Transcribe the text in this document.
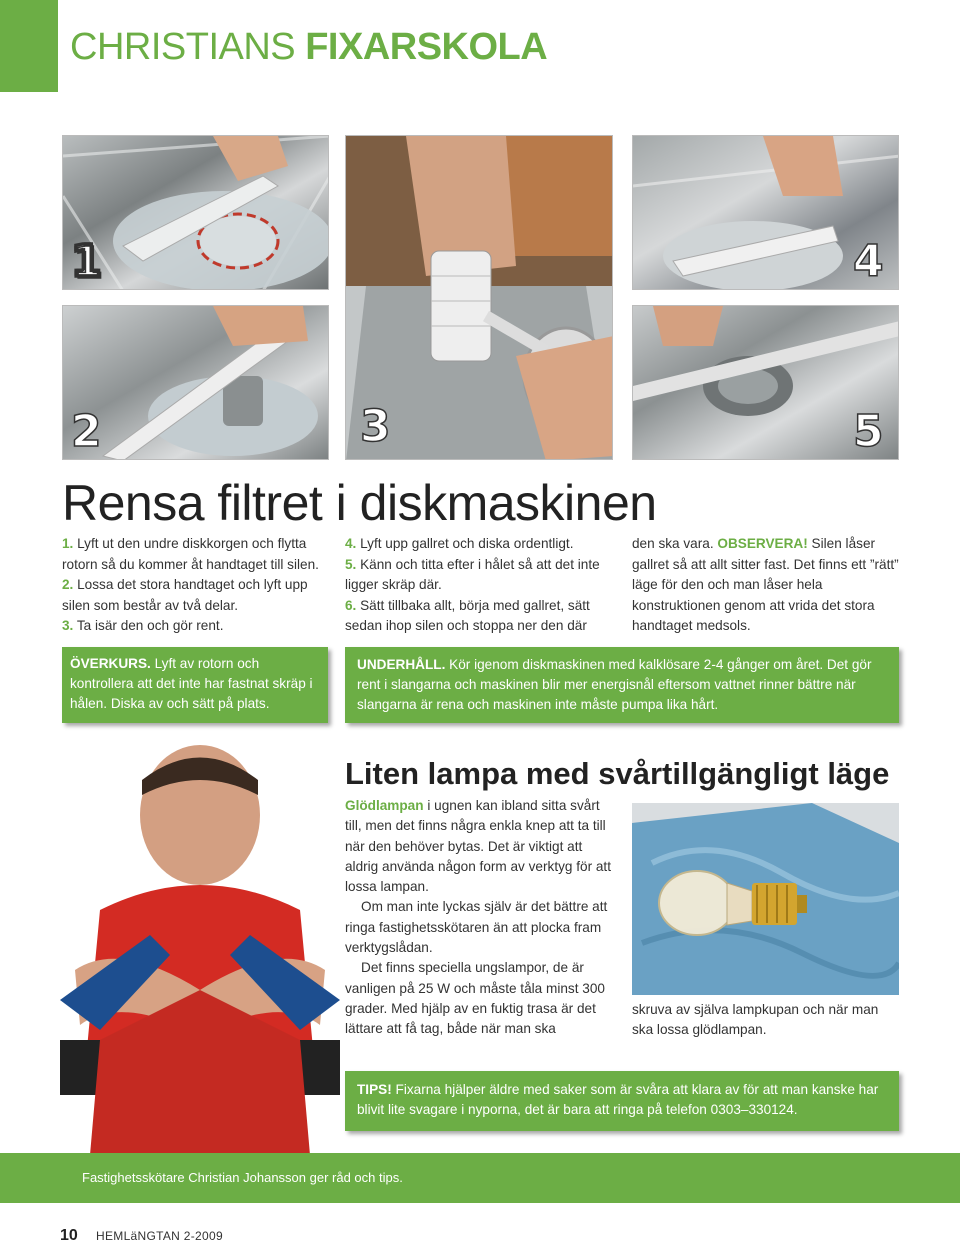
CHRISTIANS FIXARSKOLA
1
2	3
4
5
Rensa filtret i diskmaskinen

1. Lyft ut den undre diskkorgen och flytta rotorn så du kommer åt handtaget till silen.

2. Lossa det stora handtaget och lyft upp silen som består av två delar.

3. Ta isär den och gör rent.

4. Lyft upp gallret och diska ordentligt.

5. Känn och titta efter i hålet så att det inte ligger skräp där.

6. Sätt tillbaka allt, börja med gallret, sätt sedan ihop silen och stoppa ner den där

den ska vara. OBSERVERA! Silen låser gallret så att allt sitter fast. Det finns ett ”rätt” läge för den och man låser hela konstruktionen genom att vrida det stora handtaget medsols.

ÖVERKURS. Lyft av rotorn och kontrollera att det inte har fastnat skräp i hålen. Diska av och sätt på plats.
UNDERHÅLL. Kör igenom diskmaskinen med kalklösare 2-4 gånger om året. Det gör rent i slangarna och maskinen blir mer energisnål eftersom vattnet rinner bättre när slangarna är rena och maskinen inte måste pumpa lika hårt.
Liten lampa med svårtillgängligt läge

Glödlampan i ugnen kan ibland sitta svårt till, men det finns några enkla knep att ta till när den behöver bytas. Det är viktigt att aldrig använda någon form av verktyg för att lossa lampan.

Om man inte lyckas själv är det bättre att ringa fastighetsskötaren än att plocka fram verktygslådan.

Det finns speciella ungslampor, de är vanligen på 25 W och måste tåla minst 300 grader. Med hjälp av en fuktig trasa är det lättare att få tag, både när man ska

skruva av själva lampkupan och när man ska lossa glödlampan.

TIPS! Fixarna hjälper äldre med saker som är svåra att klara av för att man kanske har blivit lite svagare i nyporna, det är bara att ringa på telefon 0303–330124.
Fastighetsskötare Christian Johansson ger råd och tips.
10 HEMLäNGTAN 2-2009
